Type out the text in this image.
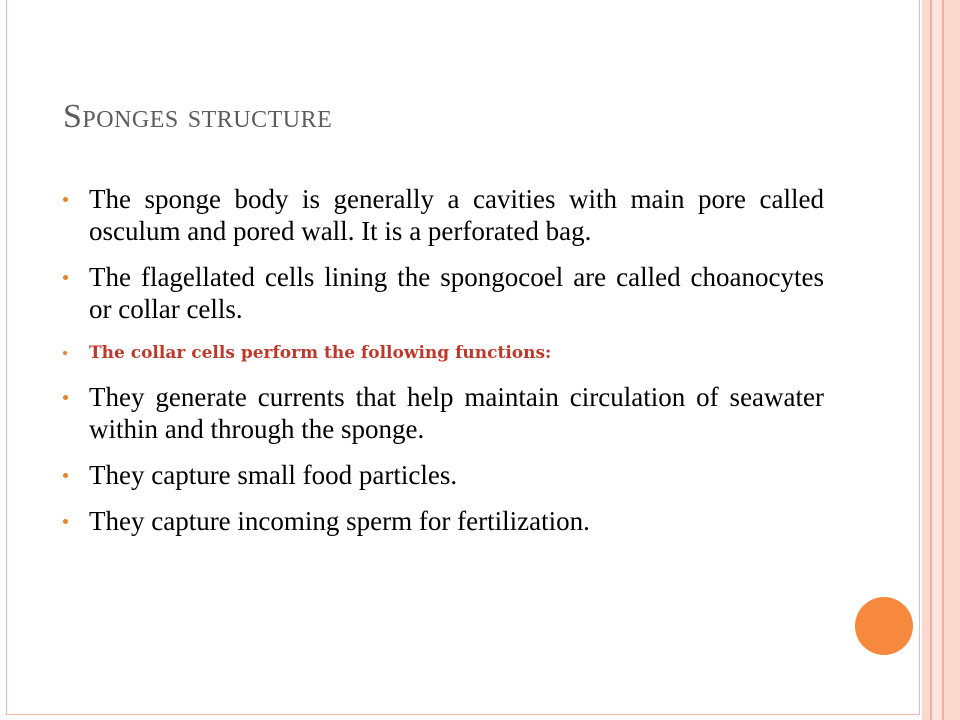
Sponges structure
The sponge body is generally a cavities with main pore called osculum and pored wall. It is a perforated bag.
The flagellated cells lining the spongocoel are called choanocytes or collar cells.
The collar cells perform the following functions:
They generate currents that help maintain circulation of seawater within and through the sponge.
They capture small food particles.
They capture incoming sperm for fertilization.
